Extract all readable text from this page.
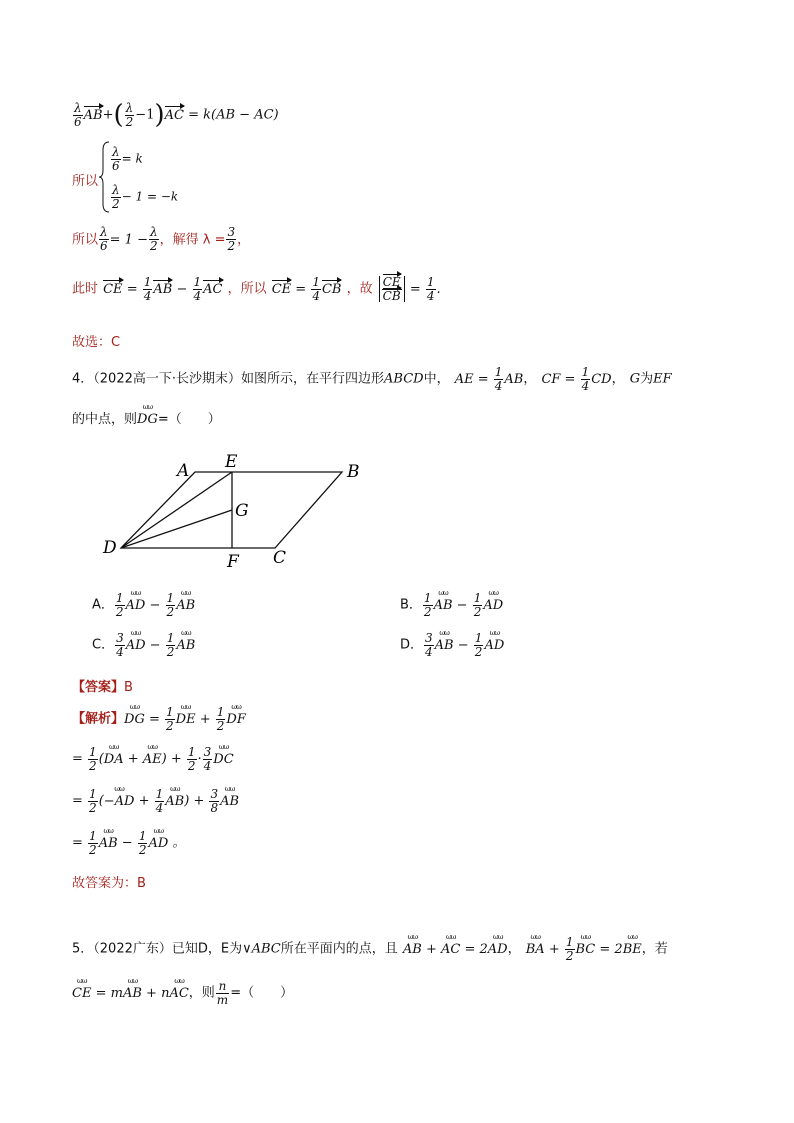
$\frac{\lambda}{6} AB+( \frac{\lambda}{2} -1)AC = k(AB - AC)$
所以
$\frac{\lambda}{6} = k$
$\frac{\lambda}{2} - 1 = -k$
所以 $\frac{\lambda}{6} = 1 - \frac{\lambda}{2}$ ，解得 $\lambda = \frac{3}{2}$ ，
此时 CE = $\frac{1}{4}$ AB − $\frac{1}{4}$ AC ，所以 CE = $\frac{1}{4}$ CB ，故 $\frac{CE}{CB} = \frac{1}{4}$ .
故选：C
4．（2022高一下·长沙期末）如图所示，在平行四边形ABCD中， AE = $\frac{1}{4}$ AB， CF = $\frac{1}{4}$ CD， G为EF
的中点，则ωω DG=（　　）
A E	B
G
D
F C
A． $\frac{1}{2}$ ωω AD − $\frac{1}{2}$ ωω AB	B． $\frac{1}{2}$ ωω AB − $\frac{1}{2}$ ωω AD
C． $\frac{3}{4}$ ωω AD − $\frac{1}{2}$ ωω AB	D． $\frac{3}{4}$ ωω AB − $\frac{1}{2}$ ωω AD
【答案】B
【解析】ωω DG = $\frac{1}{2}$ ωω DE + $\frac{1}{2}$ ωω DF
= $\frac{1}{2} (\omega\omega$ DA + ωω $AE) + \frac{1}{2} \cdot \frac{3}{4}$ ωω DC
= $\frac{1}{2} (\omega\omega -AD + \frac{1}{4}$ ωω $AB) + \frac{3}{8}$ ωω AB
= $\frac{1}{2}$ ωω AB − $\frac{1}{2}$ ωω AD 。
故答案为：B
5．（2022广东）已知D，E为∨ABC所在平面内的点，且 ωω AB + ωω AC = 2ωω AD， ωω BA + $\frac{1}{2}$ ωω BC = 2ωω BE，若
ωω CE = mωω AB + nωω AC，则 $\frac{n}{m}$ =（　　）
